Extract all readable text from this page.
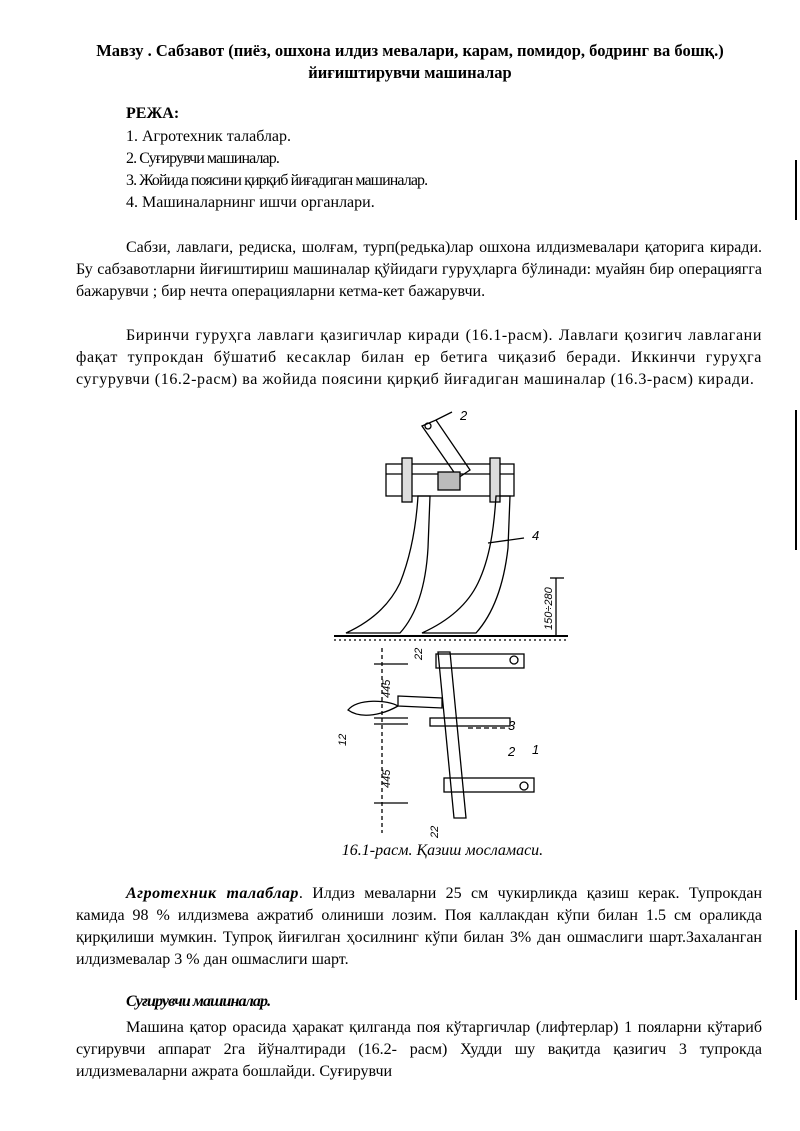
Мавзу . Сабзавот (пиёз, ошхона илдиз мевалари, карам, помидор, бодринг ва бошқ.) йиғиштирувчи машиналар
РЕЖА:
1. Агротехник талаблар.
2. Суғирувчи машиналар.
3. Жойида поясини қирқиб йиғадиган машиналар.
4. Машиналарнинг ишчи органлари.

Сабзи, лавлаги, редиска, шолғам, турп(редька)лар ошхона илдизмевалари қаторига киради. Бу сабзавотларни йиғиштириш машиналар қўйидаги гуруҳларга бўлинади: муайян бир операциягга бажарувчи ; бир нечта операцияларни кетма-кет бажарувчи.

Биринчи гуруҳга лавлаги қазигичлар киради (16.1-расм). Лавлаги қозигич лавлагани фақат тупрокдан бўшатиб кесаклар билан ер бетига чиқазиб беради. Иккинчи гуруҳга сугурувчи (16.2-расм) ва жойида поясини қирқиб йиғадиган машиналар (16.3-расм) киради.

2
4
150÷280
22
445
12
3
2 1
445
22
16.1-расм. Қазиш мосламаси.

Агротехник талаблар. Илдиз меваларни 25 см чукирликда қазиш керак. Тупрокдан камида 98 % илдизмева ажратиб олиниши лозим. Поя каллакдан кўпи билан 1.5 см ораликда қирқилиши мумкин. Тупроқ йиғилган ҳосилнинг кўпи билан 3% дан ошмаслиги шарт.Захаланган илдизмевалар 3 % дан ошмаслиги шарт.

Суғирувчи машиналар.

Машина қатор орасида ҳаракат қилганда поя кўтаргичлар (лифтерлар) 1 пояларни кўтариб сугирувчи аппарат 2га йўналтиради (16.2- расм) Худди шу вақитда қазигич 3 тупрокда илдизмеваларни ажрата бошлайди. Суғирувчи
